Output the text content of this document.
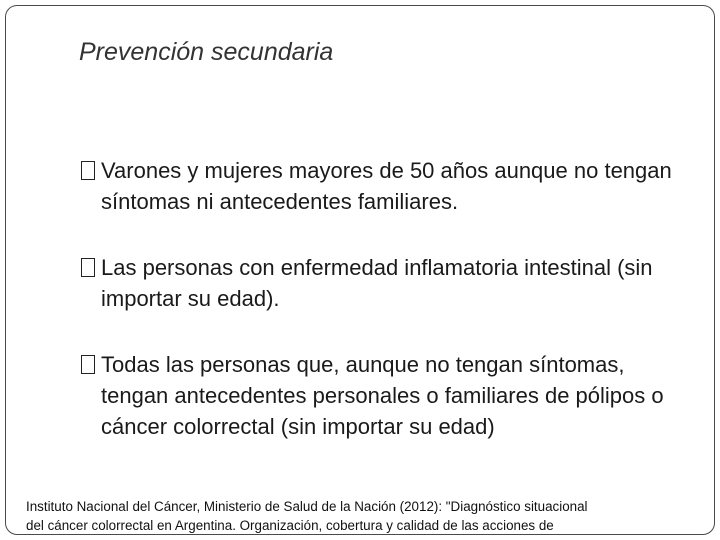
Prevención secundaria
Varones y mujeres mayores de 50 años aunque no tengan síntomas ni antecedentes familiares.
Las personas con enfermedad inflamatoria intestinal (sin importar su edad).
Todas las personas que, aunque no tengan síntomas, tengan antecedentes personales o familiares de pólipos o cáncer colorrectal (sin importar su edad)
Instituto Nacional del Cáncer, Ministerio de Salud de la Nación (2012): "Diagnóstico situacional
del cáncer colorrectal en Argentina. Organización, cobertura y calidad de las acciones de
